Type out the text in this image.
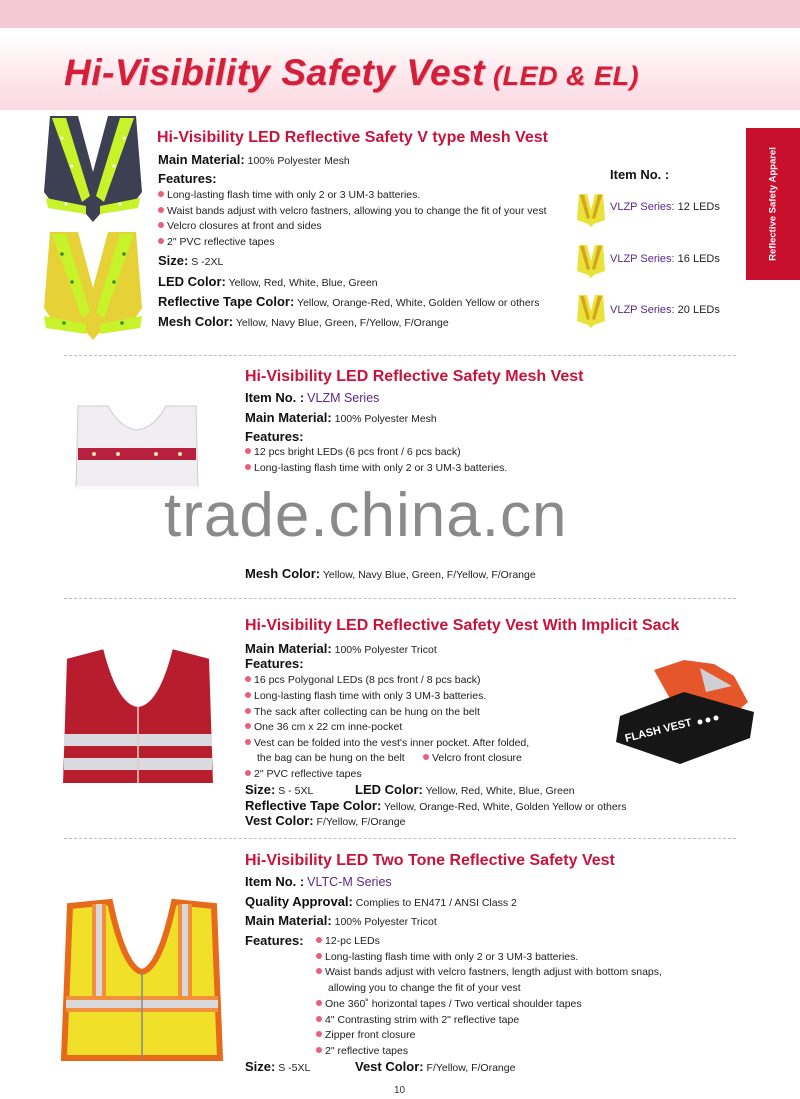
Hi-Visibility Safety Vest (LED & EL)
Reflective Safety Apparel
Hi-Visibility LED Reflective Safety V type Mesh Vest
Main Material: 100% Polyester Mesh
Features:
Long-lasting flash time with only 2 or 3 UM-3 batteries.
Waist bands adjust with velcro fastners, allowing you to change the fit of your vest
Velcro closures at front and sides
2" PVC reflective tapes
Size: S -2XL
LED Color: Yellow, Red, White, Blue, Green
Reflective Tape Color: Yellow, Orange-Red, White, Golden Yellow or others
Mesh Color: Yellow, Navy Blue, Green, F/Yellow, F/Orange
Item No. :
VLZP Series: 12 LEDs
VLZP Series: 16 LEDs
VLZP Series: 20 LEDs
Hi-Visibility LED Reflective Safety Mesh Vest
Item No. : VLZM Series
Main Material: 100% Polyester Mesh
Features:
12 pcs bright LEDs (6 pcs front / 6 pcs back)
Long-lasting flash time with only 2 or 3 UM-3 batteries.
trade.china.cn
Mesh Color: Yellow, Navy Blue, Green, F/Yellow, F/Orange
Hi-Visibility LED Reflective Safety Vest With Implicit Sack
Main Material: 100% Polyester Tricot
Features:
16 pcs Polygonal LEDs (8 pcs front / 8 pcs back)
Long-lasting flash time with only 3 UM-3 batteries.
The sack after collecting can be hung on the belt
One 36 cm x 22 cm inne-pocket
Vest can be folded into the vest's inner pocket. After folded,
the bag can be hung on the belt	Velcro front closure
2" PVC reflective tapes
Size: S - 5XL	LED Color: Yellow, Red, White, Blue, Green
Reflective Tape Color: Yellow, Orange-Red, White, Golden Yellow or others
Vest Color: F/Yellow, F/Orange
FLASH VEST
Hi-Visibility LED Two Tone Reflective Safety Vest
Item No. : VLTC-M Series
Quality Approval: Complies to EN471 / ANSI Class 2
Main Material: 100% Polyester Tricot
Features:	12-pc LEDs
Long-lasting flash time with only 2 or 3 UM-3 batteries.
Waist bands adjust with velcro fastners, length adjust with bottom snaps,
allowing you to change the fit of your vest
One 360˚ horizontal tapes / Two vertical shoulder tapes
4" Contrasting strim with 2" reflective tape
Zipper front closure
2" reflective tapes
Size: S -5XL	Vest Color: F/Yellow, F/Orange
10
